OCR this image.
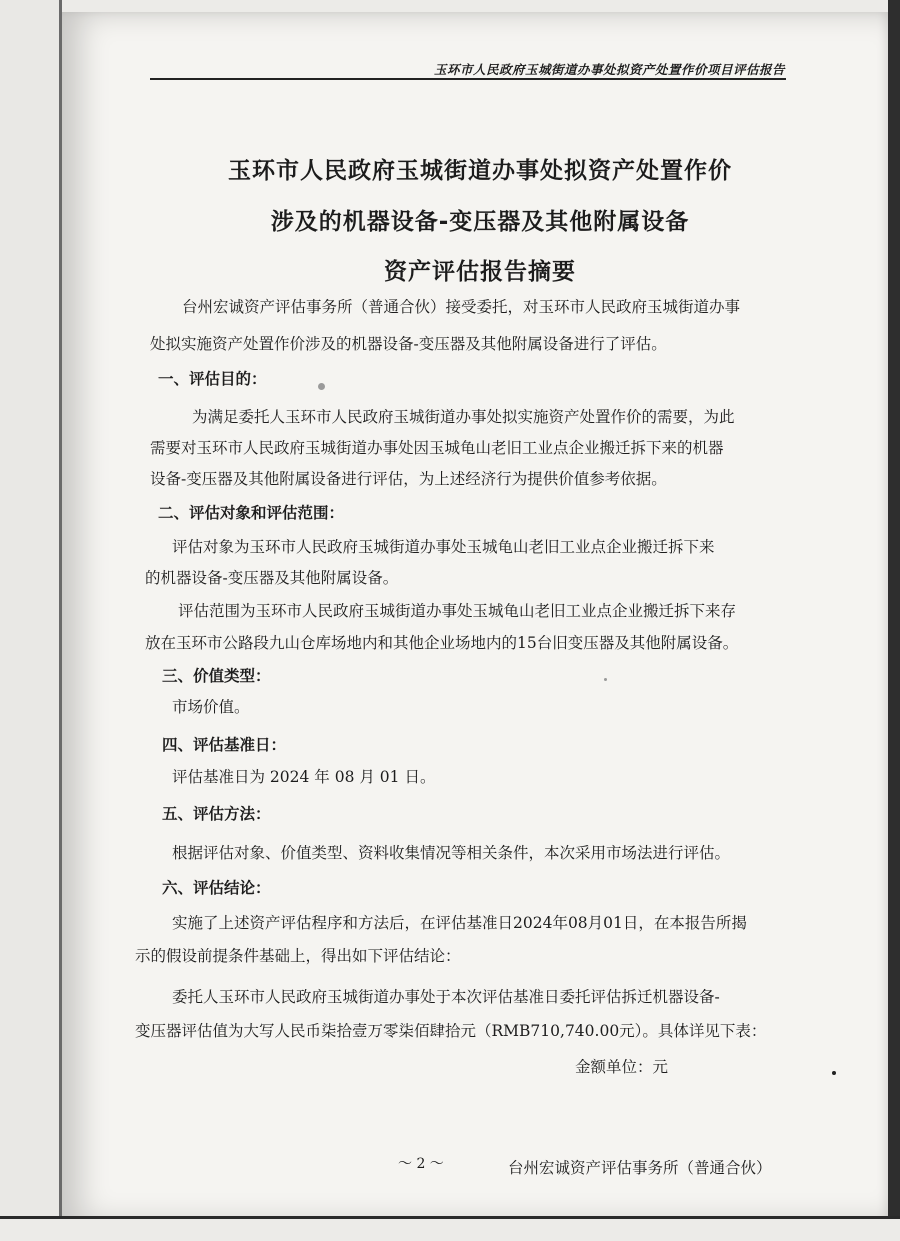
玉环市人民政府玉城街道办事处拟资产处置作价项目评估报告
玉环市人民政府玉城街道办事处拟资产处置作价
涉及的机器设备-变压器及其他附属设备
资产评估报告摘要
台州宏诚资产评估事务所（普通合伙）接受委托，对玉环市人民政府玉城街道办事
处拟实施资产处置作价涉及的机器设备-变压器及其他附属设备进行了评估。
一、评估目的：
为满足委托人玉环市人民政府玉城街道办事处拟实施资产处置作价的需要，为此
需要对玉环市人民政府玉城街道办事处因玉城龟山老旧工业点企业搬迁拆下来的机器
设备-变压器及其他附属设备进行评估，为上述经济行为提供价值参考依据。
二、评估对象和评估范围：
评估对象为玉环市人民政府玉城街道办事处玉城龟山老旧工业点企业搬迁拆下来
的机器设备-变压器及其他附属设备。
评估范围为玉环市人民政府玉城街道办事处玉城龟山老旧工业点企业搬迁拆下来存
放在玉环市公路段九山仓库场地内和其他企业场地内的15台旧变压器及其他附属设备。
三、价值类型：
市场价值。
四、评估基准日：
评估基准日为 2024 年 08 月 01 日。
五、评估方法：
根据评估对象、价值类型、资料收集情况等相关条件，本次采用市场法进行评估。
六、评估结论：
实施了上述资产评估程序和方法后，在评估基准日2024年08月01日，在本报告所揭
示的假设前提条件基础上，得出如下评估结论：
委托人玉环市人民政府玉城街道办事处于本次评估基准日委托评估拆迁机器设备-
变压器评估值为大写人民币柒拾壹万零柒佰肆拾元（RMB710,740.00元）。具体详见下表：
金额单位：元
～ 2 ～	台州宏诚资产评估事务所（普通合伙）
